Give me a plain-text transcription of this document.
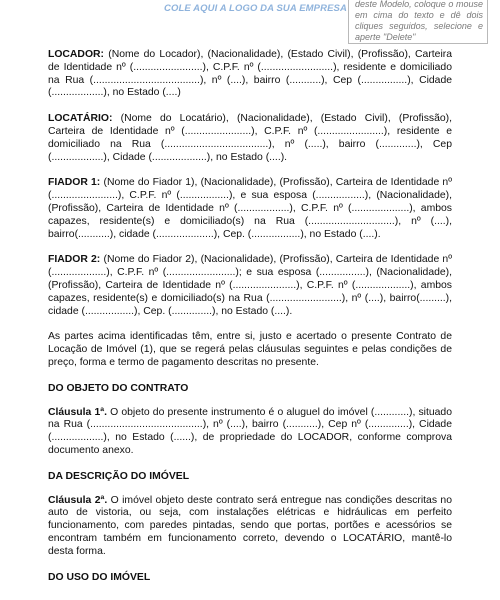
COLE AQUI A LOGO DA SUA EMPRESA deste Modelo, coloque o mouse em cima do texto e dê dois cliques seguidos, selecione e aperte "Delete"

LOCADOR: (Nome do Locador), (Nacionalidade), (Estado Civil), (Profissão), Carteira de Identidade nº (........................), C.P.F. nº (.........................), residente e domiciliado na Rua (.....................................), nº (....), bairro (...........), Cep (................), Cidade (..................), no Estado (....)

LOCATÁRIO: (Nome do Locatário), (Nacionalidade), (Estado Civil), (Profissão), Carteira de Identidade nº (.......................), C.P.F. nº (.......................), residente e domiciliado na Rua (....................................), nº (.....), bairro (.............), Cep (..................), Cidade (...................), no Estado (....).

FIADOR 1: (Nome do Fiador 1), (Nacionalidade), (Profissão), Carteira de Identidade nº (.......................), C.P.F. nº (.................), e sua esposa (.................), (Nacionalidade), (Profissão), Carteira de Identidade nº (..................), C.P.F. nº (....................), ambos capazes, residente(s) e domiciliado(s) na Rua (..............................), nº (....), bairro(...........), cidade (....................), Cep. (.................), no Estado (....).

FIADOR 2: (Nome do Fiador 2), (Nacionalidade), (Profissão), Carteira de Identidade nº (...................), C.P.F. nº (........................); e sua esposa (................), (Nacionalidade), (Profissão), Carteira de Identidade nº (......................), C.P.F. nº (...................), ambos capazes, residente(s) e domiciliado(s) na Rua (.........................), nº (....), bairro(.........), cidade (.................), Cep. (..............), no Estado (....).

As partes acima identificadas têm, entre si, justo e acertado o presente Contrato de Locação de Imóvel (1), que se regerá pelas cláusulas seguintes e pelas condições de preço, forma e termo de pagamento descritas no presente.

DO OBJETO DO CONTRATO

Cláusula 1ª. O objeto do presente instrumento é o aluguel do imóvel (............), situado na Rua (.......................................), nº (....), bairro (...........), Cep nº (..............), Cidade (..................), no Estado (......), de propriedade do LOCADOR, conforme comprova documento anexo.

DA DESCRIÇÃO DO IMÓVEL

Cláusula 2ª. O imóvel objeto deste contrato será entregue nas condições descritas no auto de vistoria, ou seja, com instalações elétricas e hidráulicas em perfeito funcionamento, com paredes pintadas, sendo que portas, portões e acessórios se encontram também em funcionamento correto, devendo o LOCATÁRIO, mantê-lo desta forma.

DO USO DO IMÓVEL
